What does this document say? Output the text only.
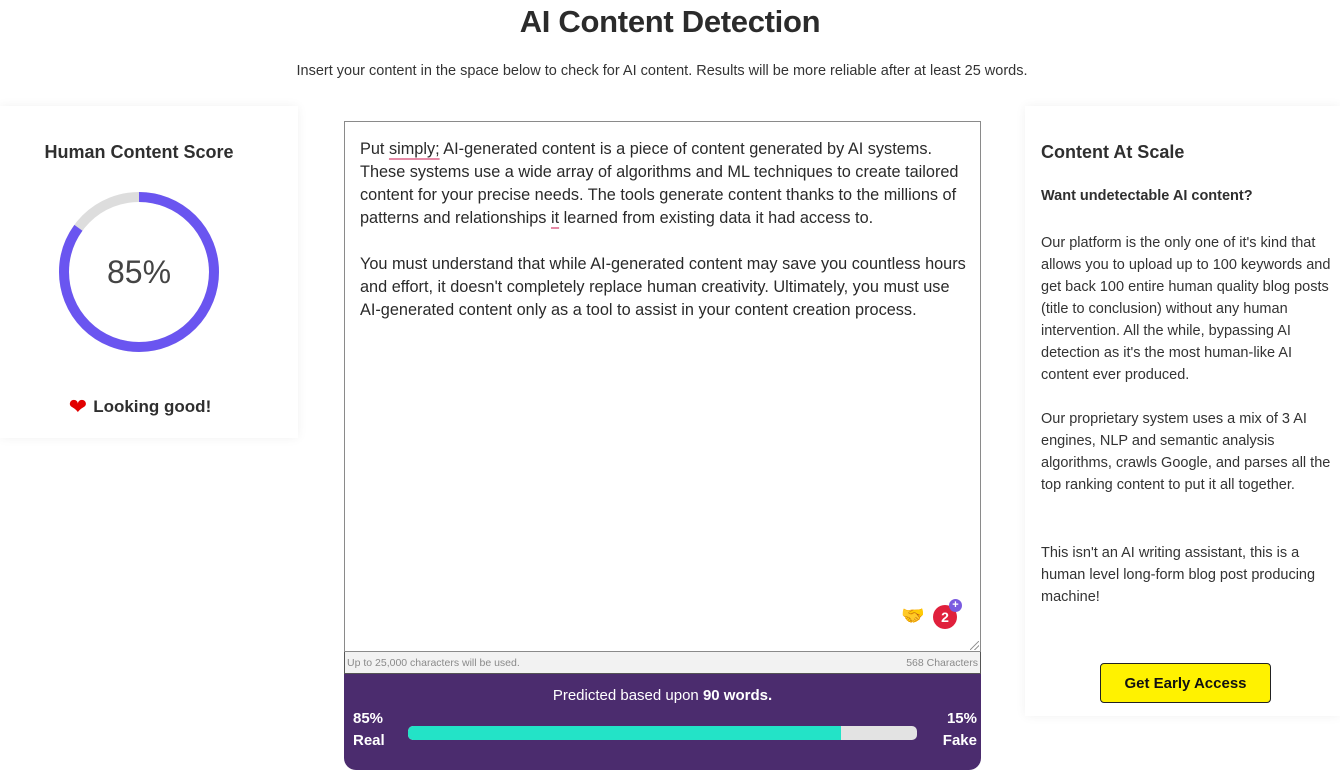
AI Content Detection
Insert your content in the space below to check for AI content. Results will be more reliable after at least 25 words.
Human Content Score
85%
❤ Looking good!
Put simply; AI-generated content is a piece of content generated by AI systems. These systems use a wide array of algorithms and ML techniques to create tailored content for your precise needs. The tools generate content thanks to the millions of patterns and relationships it learned from existing data it had access to.

You must understand that while AI-generated content may save you countless hours and effort, it doesn't completely replace human creativity. Ultimately, you must use AI-generated content only as a tool to assist in your content creation process.
🤝	2
+
Up to 25,000 characters will be used.	568 Characters
Predicted based upon 90 words.
85%
Real
15%
Fake
Content At Scale
Want undetectable AI content?
Our platform is the only one of it's kind that allows you to upload up to 100 keywords and get back 100 entire human quality blog posts (title to conclusion) without any human intervention. All the while, bypassing AI detection as it's the most human-like AI content ever produced.
Our proprietary system uses a mix of 3 AI engines, NLP and semantic analysis algorithms, crawls Google, and parses all the top ranking content to put it all together.
This isn't an AI writing assistant, this is a human level long-form blog post producing machine!
Get Early Access
